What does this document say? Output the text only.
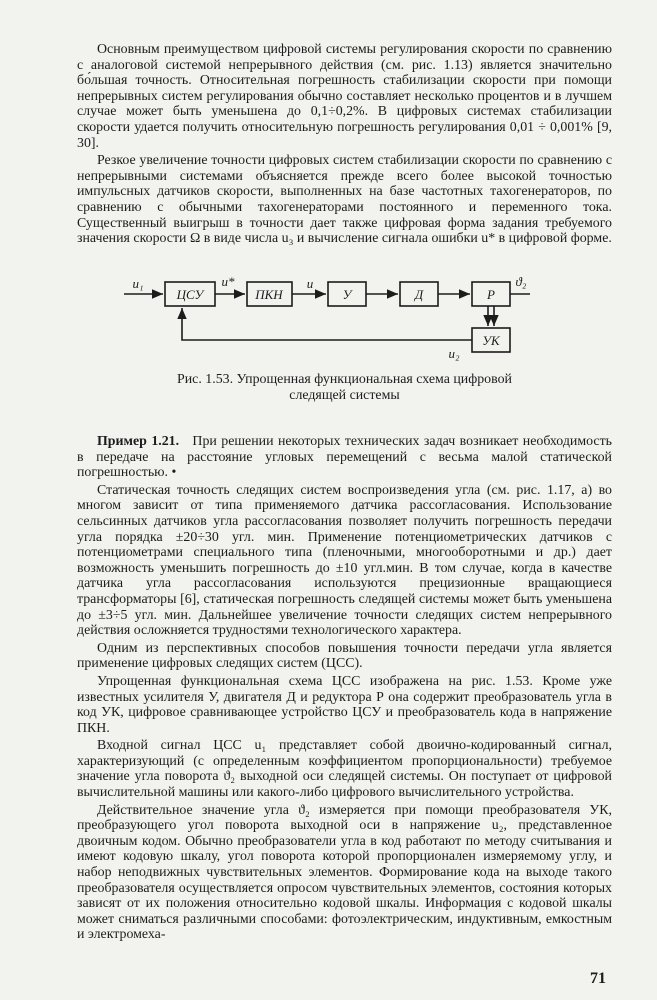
Основным преимуществом цифровой системы регулирования скорости по сравнению с аналоговой системой непрерывного действия (см. рис. 1.13) является значительно бо́льшая точность. Относительная погрешность стабилизации скорости при помощи непрерывных систем регулирования обычно составляет несколько процентов и в лучшем случае может быть уменьшена до 0,1÷0,2%. В цифровых системах стабилизации скорости удается получить относительную погрешность регулирования 0,01 ÷ 0,001% [9, 30].

Резкое увеличение точности цифровых систем стабилизации скорости по сравнению с непрерывными системами объясняется прежде всего более высокой точностью импульсных датчиков скорости, выполненных на базе частотных тахогенераторов, по сравнению с обычными тахогенераторами постоянного и переменного тока. Существенный выигрыш в точности дает также цифровая форма задания требуемого значения скорости Ω в виде числа u₃ и вычисление сигнала ошибки u* в цифровой форме.

ЦСУ	ПКН	У	Д	Р
УК
u₁	u*	u	ϑ₂
u₂
Рис. 1.53. Упрощенная функциональная схема цифровой
следящей системы

Пример 1.21. При решении некоторых технических задач возникает необходимость в передаче на расстояние угловых перемещений с весьма малой статической погрешностью. •

Статическая точность следящих систем воспроизведения угла (см. рис. 1.17, а) во многом зависит от типа применяемого датчика рассогласования. Использование сельсинных датчиков угла рассогласования позволяет получить погрешность передачи угла порядка ±20÷30 угл. мин. Применение потенциометрических датчиков с потенциометрами специального типа (пленочными, многооборотными и др.) дает возможность уменьшить погрешность до ±10 угл.мин. В том случае, когда в качестве датчика угла рассогласования используются прецизионные вращающиеся трансформаторы [6], статическая погрешность следящей системы может быть уменьшена до ±3÷5 угл. мин. Дальнейшее увеличение точности следящих систем непрерывного действия осложняется трудностями технологического характера.

Одним из перспективных способов повышения точности передачи угла является применение цифровых следящих систем (ЦСС).

Упрощенная функциональная схема ЦСС изображена на рис. 1.53. Кроме уже известных усилителя У, двигателя Д и редуктора Р она содержит преобразователь угла в код УК, цифровое сравнивающее устройство ЦСУ и преобразователь кода в напряжение ПКН.

Входной сигнал ЦСС u₁ представляет собой двоично-кодированный сигнал, характеризующий (с определенным коэффициентом пропорциональности) требуемое значение угла поворота ϑ₂ выходной оси следящей системы. Он поступает от цифровой вычислительной машины или какого-либо цифрового вычислительного устройства.

Действительное значение угла ϑ₂ измеряется при помощи преобразователя УК, преобразующего угол поворота выходной оси в напряжение u₂, представленное двоичным кодом. Обычно преобразователи угла в код работают по методу считывания и имеют кодовую шкалу, угол поворота которой пропорционален измеряемому углу, и набор неподвижных чувствительных элементов. Формирование кода на выходе такого преобразователя осуществляется опросом чувствительных элементов, состояния которых зависят от их положения относительно кодовой шкалы. Информация с кодовой шкалы может сниматься различными способами: фотоэлектрическим, индуктивным, емкостным и электромеха-

71
